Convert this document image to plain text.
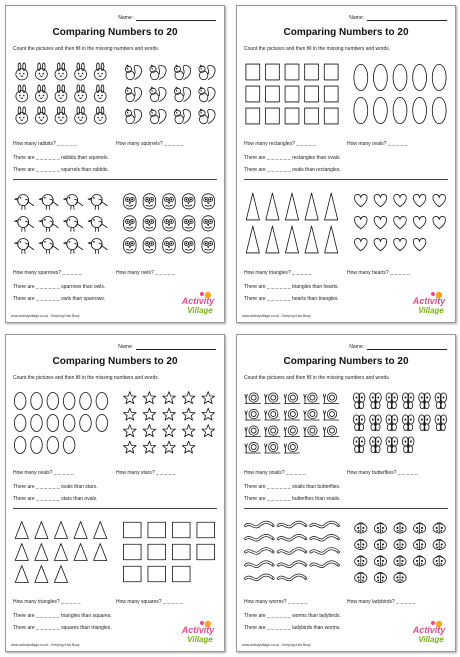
Name:
Comparing Numbers to 20
Count the pictures and then fill in the missing numbers and words.
How many rabbits? _ _ _ _ _	How many squirrels? _ _ _ _ _
There are _ _ _ _ _ _ rabbits than squirrels.
There are _ _ _ _ _ _ squirrels than rabbits.
How many sparrows? _ _ _ _ _	How many owls? _ _ _ _ _
There are _ _ _ _ _ _ sparrows than owls.
There are _ _ _ _ _ _ owls than sparrows.
www.activityvillage.co.uk - Keeping Kids Busy
Activity
Village
Name:
Comparing Numbers to 20
Count the pictures and then fill in the missing numbers and words.
How many rectangles? _ _ _ _ _	How many ovals? _ _ _ _ _
There are _ _ _ _ _ _ rectangles than ovals.
There are _ _ _ _ _ _ ovals than rectangles.
How many triangles? _ _ _ _ _	How many hearts? _ _ _ _ _
There are _ _ _ _ _ _ triangles than hearts.
There are _ _ _ _ _ _ hearts than triangles.
www.activityvillage.co.uk - Keeping Kids Busy
Activity
Village
Name:
Comparing Numbers to 20
Count the pictures and then fill in the missing numbers and words.
How many ovals? _ _ _ _ _	How many stars? _ _ _ _ _
There are _ _ _ _ _ _ ovals than stars.
There are _ _ _ _ _ _ stars than ovals.
How many triangles? _ _ _ _ _	How many squares? _ _ _ _ _
There are _ _ _ _ _ _ triangles than squares.
There are _ _ _ _ _ _ squares than triangles.
www.activityvillage.co.uk - Keeping Kids Busy
Activity
Village
Name:
Comparing Numbers to 20
Count the pictures and then fill in the missing numbers and words.
How many snails? _ _ _ _ _	How many butterflies? _ _ _ _ _
There are _ _ _ _ _ _ snails than butterflies.
There are _ _ _ _ _ _ butterflies than snails.
How many worms? _ _ _ _ _	How many ladybirds? _ _ _ _ _
There are _ _ _ _ _ _ worms than ladybirds.
There are _ _ _ _ _ _ ladybirds than worms.
www.activityvillage.co.uk - Keeping Kids Busy
Activity
Village
